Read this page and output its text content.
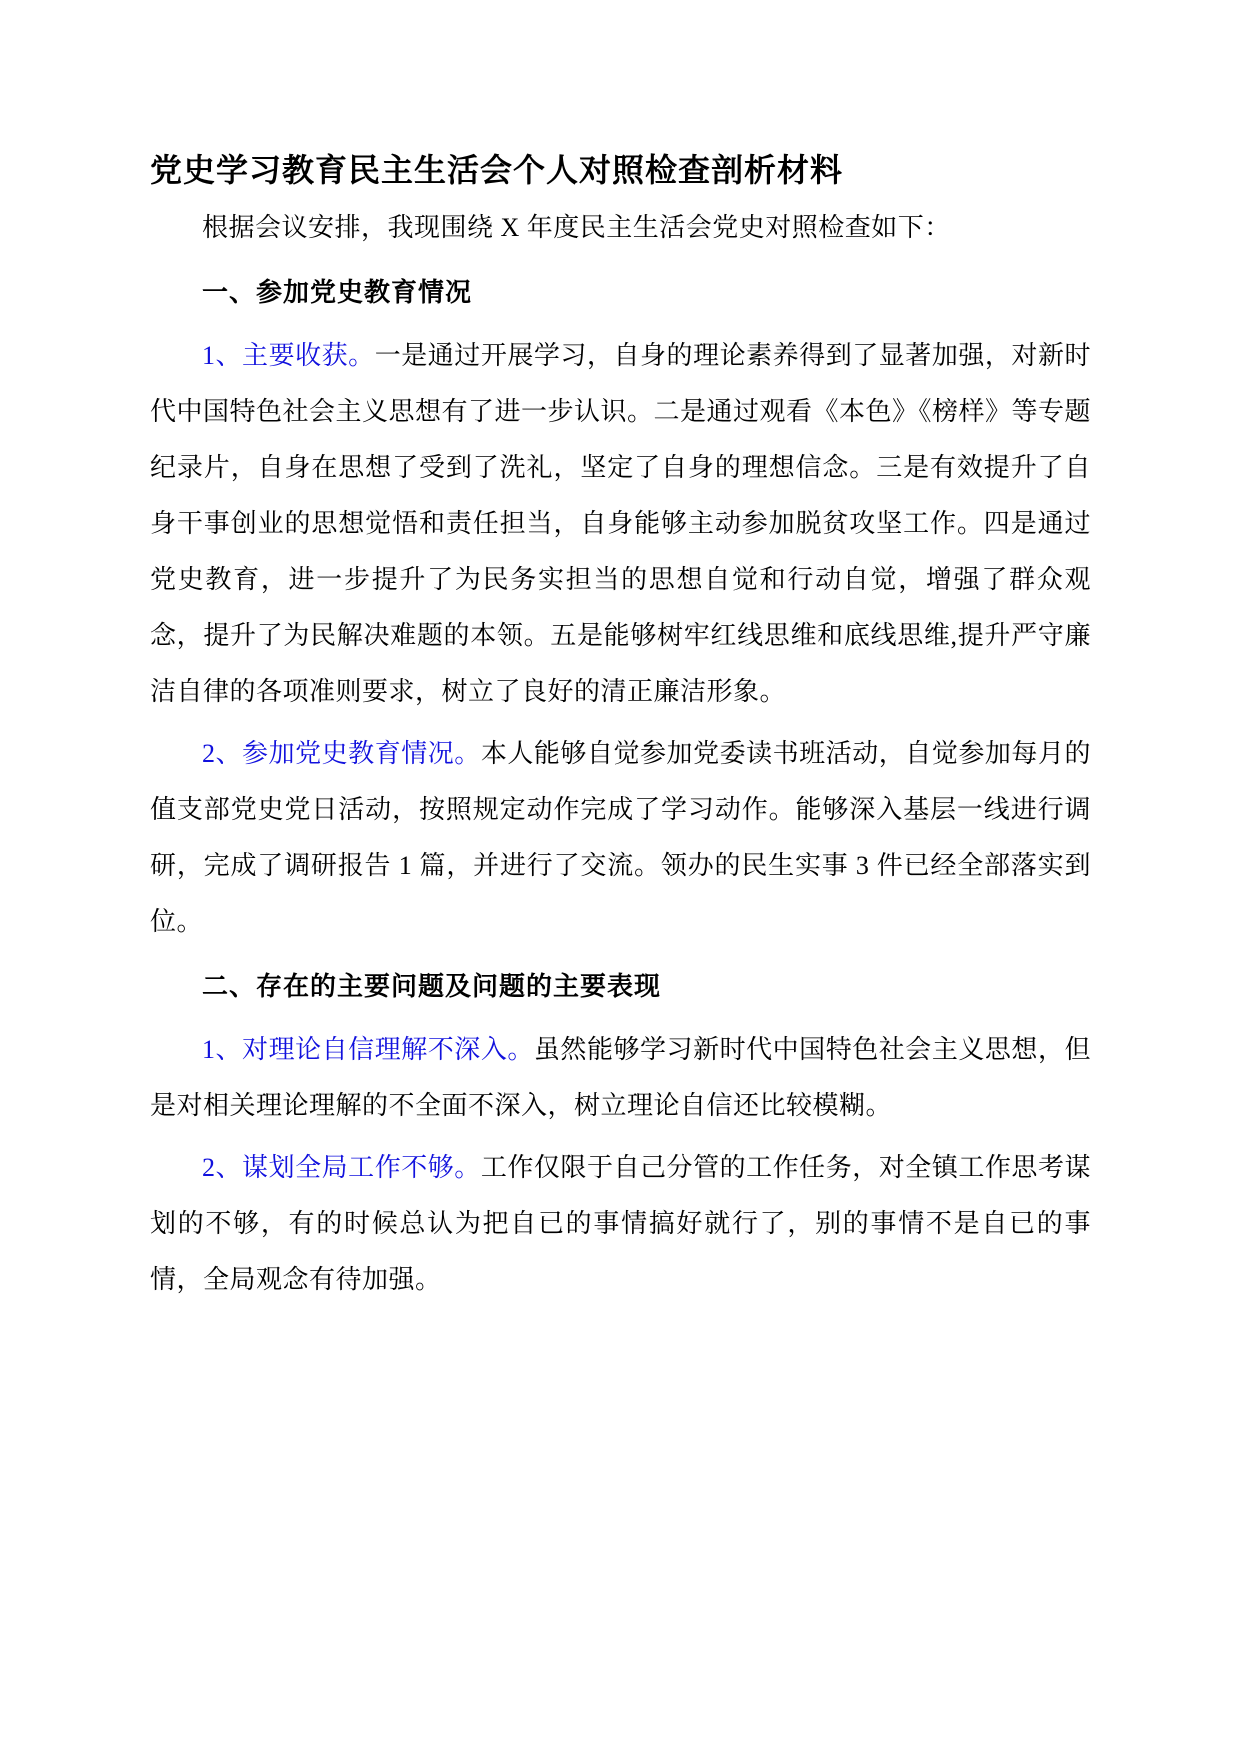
党史学习教育民主生活会个人对照检查剖析材料

根据会议安排，我现围绕 X 年度民主生活会党史对照检查如下：

一、参加党史教育情况

1、主要收获。一是通过开展学习，自身的理论素养得到了显著加强，对新时代中国特色社会主义思想有了进一步认识。二是通过观看《本色》《榜样》等专题纪录片，自身在思想了受到了洗礼，坚定了自身的理想信念。三是有效提升了自身干事创业的思想觉悟和责任担当，自身能够主动参加脱贫攻坚工作。四是通过党史教育，进一步提升了为民务实担当的思想自觉和行动自觉，增强了群众观念，提升了为民解决难题的本领。五是能够树牢红线思维和底线思维,提升严守廉洁自律的各项准则要求，树立了良好的清正廉洁形象。

2、参加党史教育情况。本人能够自觉参加党委读书班活动，自觉参加每月的值支部党史党日活动，按照规定动作完成了学习动作。能够深入基层一线进行调研，完成了调研报告 1 篇，并进行了交流。领办的民生实事 3 件已经全部落实到位。

二、存在的主要问题及问题的主要表现

1、对理论自信理解不深入。虽然能够学习新时代中国特色社会主义思想，但是对相关理论理解的不全面不深入，树立理论自信还比较模糊。

2、谋划全局工作不够。工作仅限于自己分管的工作任务，对全镇工作思考谋划的不够，有的时候总认为把自已的事情搞好就行了，别的事情不是自已的事情，全局观念有待加强。
